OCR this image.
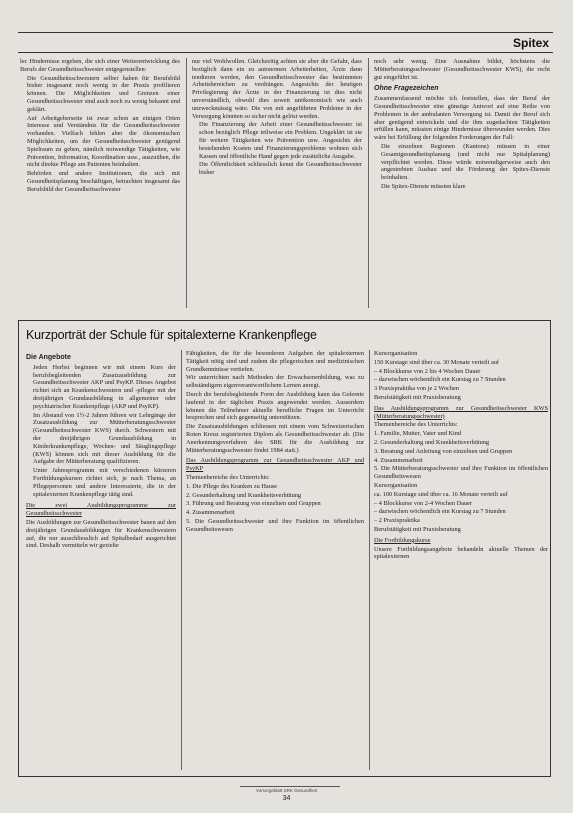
Spitex

lec Hindernisse ergeben, die sich einer Weiterentwicklung des Berufs der Gesundheitsschwester entgegenstellen:

• Die Gesundheitsschwestern selber haben für Berufsbild bisher insgesamt noch wenig in der Praxis profilieren können. Die Möglichkeiten und Grenzen einer Gesundheitsschwester sind auch noch zu wenig bekannt und geklärt.
• Auf Arbeitgeberseite ist zwar schon an einigen Orten Interesse und Verständnis für die Gesundheitsschwester vorhanden. Vielfach fehlen aber die ökonomischen Möglichkeiten, um der Gesundheitsschwester genügend Spielraum zu geben, nämlich notwendige Tätigkeiten, wie Prävention, Information, Koordination usw., auszuüben, die nicht direkte Pflege am Patienten beinhalten.
• Behörden und andere Institutionen, die sich mit Gesundheitsplanung beschäftigen, betrachten insgesamt das Berufsbild der Gesundheitsschwester

nur viel Wohlwollen. Gleichzeitig achten sie aber die Gefahr, dass bezüglich dann ein zu autonomen Arbeiterheiten, Ärzte dann tendieren werden, den Gesundheitsschwester das bestimmten Arbeitsbereichen zu verdrängen. Angesichts der heutigen Privilegierung der Ärzte in der Finanzierung ist dies nicht unverständlich, obwohl dies soweit unökonomisch wie auch unzweckmässig wäre. Die von mit angeführten Probleme in der Versorgung könnten so sicher nicht gelöst werden.

• Die Finanzierung der Arbeit einer Gesundheitsschwester ist schon bezüglich Pflege teilweise ein Problem. Ungeklärt ist sie für weitere Tätigkeiten wie Prävention usw. Angesichts der bestehenden Kosten und Finanzierungsprobleme wohnen sich Kassen und öffentliche Hand gegen jede zusätzliche Ausgabe.
• Die Öffentlichkeit schliesslich kennt die Gesundheitsschwester bisher

noch sehr wenig. Eine Ausnahme bildet, höchstens die Mütterberatungsschwester (Gesundheitsschwester KWS), die recht gut eingeführt ist.

Ohne Fragezeichen

Zusammenfassend möchte ich feststellen, dass der Beruf der Gesundheitsschwester eine günstige Antwort auf eine Reihe von Problemen in der ambulanten Versorgung ist. Damit der Beruf sich aber genügend entwickeln und die ihm zugedachten Tätigkeiten erfüllen kann, müssten einige Hindernisse überwunden werden. Dies wäre bei Erfüllung der folgenden Forderungen der Fall:

• Die einzelnen Regionen (Kantone) müssen in einer Gesamtgesundheitsplanung (und nicht nur Spitalplanung) verpflichtet werden. Diese würde notwendigerweise auch den angestrebten Ausbau und die Förderung der Spitex-Dienste beinhalten.
• Die Spitex-Dienste müssten klare
Kurzporträt der Schule für spitalexterne Krankenpflege
Die Angebote
• Jeden Herbst beginnen wir mit einem Kurs der berufsbegleitenden Zusatzausbildung zur Gesundheitsschwester AKP und PsyKP. Dieses Angebot richtet sich an Krankenschwestern und -pfleger mit der dreijährigen Grundausbildung in allgemeiner oder psychiatrischer Krankenpflege (AKP und PsyKP).
• Im Abstand von 1½-2 Jahren führen wir Lehrgänge der Zusatzausbildung zur Mütterberatungsschwester (Gesundheitsschwester KWS) durch. Schwestern mit der dreijährigen Grundausbildung in Kinderkrankenpflege, Wochen- und Säuglingspflege (KWS) können sich mit dieser Ausbildung für die Aufgabe der Mütterberatung qualifizieren.
• Unter Jahresprogramm mit verschiedenen kürzeren Fortbildungskursen richtet sich, je nach Thema, an Pflegepersonen und andere Interessierte, die in der spitalexternen Krankenpflege tätig sind.

Die zwei Ausbildungsprogramme zur Gesundheitsschwester

Die Ausbildungen zur Gesundheitsschwester bauen auf den dreijährigen Grundausbildungen für Krankenschwestern auf, die nur ausschliesslich auf Spitalbedarf ausgerichtet sind. Deshalb vermitteln wir gezielte

Fähigkeiten, die für die besonderen Aufgaben der spitalexternen Tätigkeit nötig sind und zudem die pflegerischen und medizinischen Grundkenntnisse vertiefen.

Wir unterrichten nach Methoden der Erwachsenenbildung, was zu selbständigem eigenverantwortlichem Lernen anregt.

Durch die berufsbegleitende Form der Ausbildung kann das Gelernte laufend in der täglichen Praxis angewendet werden. Ausserdem können die Teilnehmer aktuelle berufliche Fragen im Unterricht besprechen und sich gegenseitig unterstützen.

Die Zusatzausbildungen schliessen mit einem vom Schweizerischen Roten Kreuz registrierten Diplom als Gesundheitsschwester ab. (Die Anerkennungsverfahren des SRK für die Ausbildung zur Mütterberatungsschwester findet 1984 statt.)

Das Ausbildungsprogramm zur Gesundheitsschwester AKP und PsyKP

Themenbereiche des Unterrichts:

1. Die Pflege des Kranken zu Hause

2. Gesunderhaltung und Krankheitsverhütung

3. Führung und Beratung von einzelnen und Gruppen

4. Zusammenarbeit

5. Die Gesundheitsschwester und ihre Funktion im öffentlichen Gesundheitswesen

Kursorganisation

150 Kurstage sind über ca. 30 Monate verteilt auf

– 4 Blockkurse von 2 bis 4 Wochen Dauer

– dazwischen wöchentlich ein Kurstag zu 7 Stunden

3 Praxispraktika von je 2 Wochen

Berufstätigkeit mit Praxisberatung

Das Ausbildungsprogramm zur Gesundheitsschwester KWS (Mütterberatungsschwester)

Themenbereiche des Unterrichts:

1. Familie, Mutter, Vater und Kind

2. Gesunderhaltung und Krankheitsverhütung

3. Beratung und Anleitung von einzelnen und Gruppen

4. Zusammenarbeit

5. Die Mütterberatungsschwester und ihre Funktion im öffentlichen Gesundheitswesen

Kursorganisation

ca. 100 Kurstage sind über ca. 16 Monate verteilt auf

– 4 Blockkurse von 2-4 Wochen Dauer

– dazwischen wöchentlich ein Kurstag zu 7 Stunden

– 2 Praxispraktika

Berufstätigkeit mit Praxisberatung

Die Fortbildungskurse

Unsere Fortbildungsangebote behandeln aktuelle Themen der spitalexternen

Vorsorgeblatt SRK Gesundheit
34
